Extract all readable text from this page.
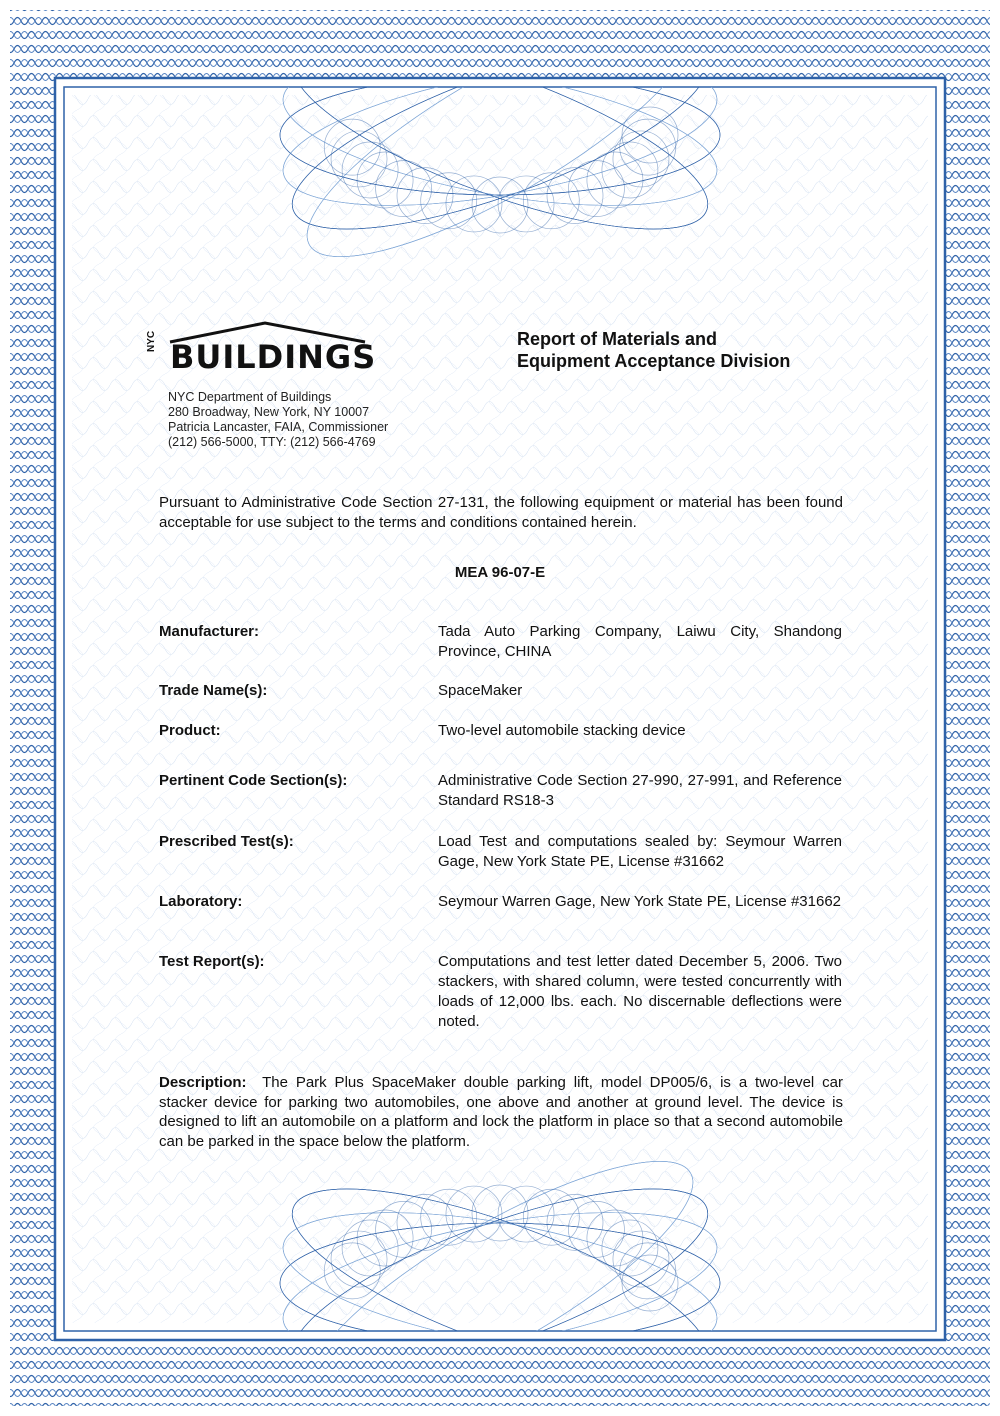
NYC BUILDINGS
NYC Department of Buildings
280 Broadway, New York, NY 10007
Patricia Lancaster, FAIA, Commissioner
(212) 566-5000, TTY: (212) 566-4769
Report of Materials and
Equipment Acceptance Division
Pursuant to Administrative Code Section 27-131, the following equipment or material has been found acceptable for use subject to the terms and conditions contained herein.
MEA 96-07-E
Manufacturer:	Tada Auto Parking Company, Laiwu City, Shandong Province, CHINA
Trade Name(s):	SpaceMaker
Product:	Two-level automobile stacking device
Pertinent Code Section(s):	Administrative Code Section 27-990, 27-991, and Reference Standard RS18-3
Prescribed Test(s):	Load Test and computations sealed by: Seymour Warren Gage, New York State PE, License #31662
Laboratory:	Seymour Warren Gage, New York State PE, License #31662
Test Report(s):	Computations and test letter dated December 5, 2006. Two stackers, with shared column, were tested concurrently with loads of 12,000 lbs. each. No discernable deflections were noted.
Description: The Park Plus SpaceMaker double parking lift, model DP005/6, is a two-level car stacker device for parking two automobiles, one above and another at ground level. The device is designed to lift an automobile on a platform and lock the platform in place so that a second automobile can be parked in the space below the platform.
